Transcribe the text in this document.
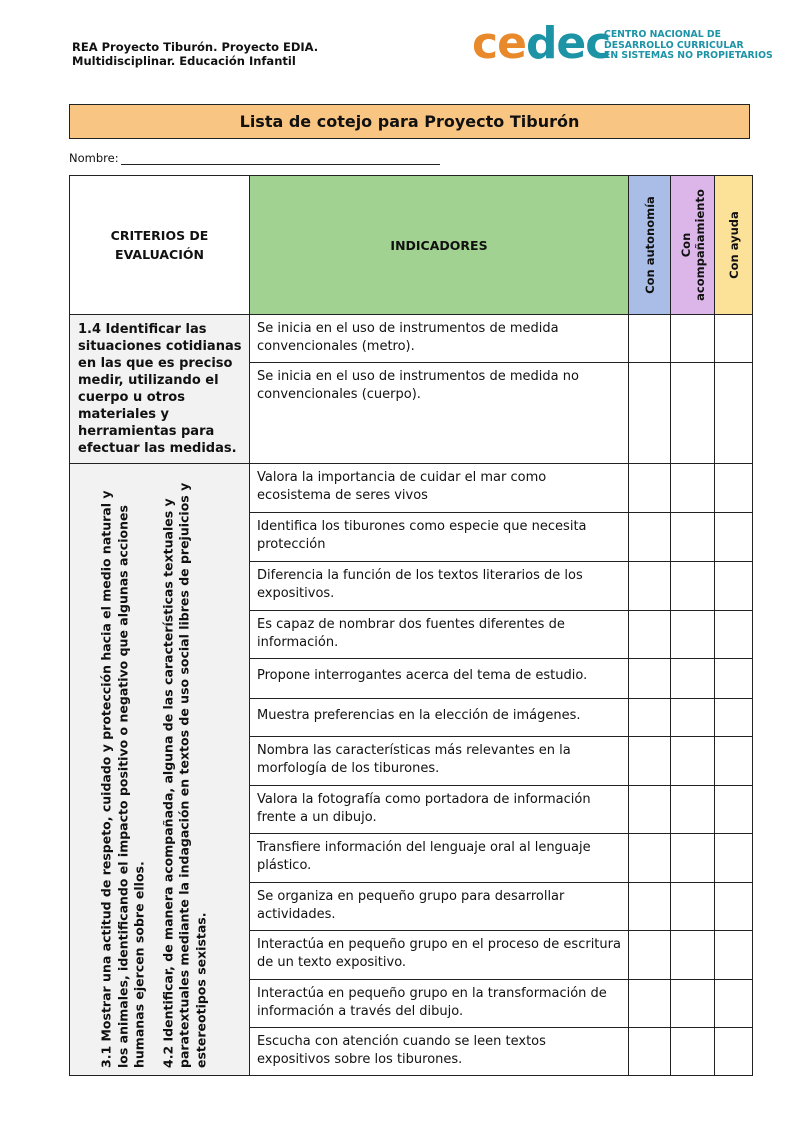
REA Proyecto Tiburón. Proyecto EDIA.
Multidisciplinar. Educación Infantil	cedec
CENTRO NACIONAL DE
DESARROLLO CURRICULAR
EN SISTEMAS NO PROPIETARIOS
Lista de cotejo para Proyecto Tiburón
Nombre:
CRITERIOS DE EVALUACIÓN	INDICADORES	Con autonomía	Con acompañamiento	Con ayuda

1.4 Identificar las situaciones cotidianas en las que es preciso medir, utilizando el cuerpo u otros materiales y herramientas para efectuar las medidas.	Se inicia en el uso de instrumentos de medida convencionales (metro).			
	Se inicia en el uso de instrumentos de medida no convencionales (cuerpo).			

3.1 Mostrar una actitud de respeto, cuidado y protección hacia el medio natural y los animales, identificando el impacto positivo o negativo que algunas acciones humanas ejercen sobre ellos. 4.2 Identificar, de manera acompañada, alguna de las características textuales y paratextuales mediante la indagación en textos de uso social libres de prejuicios y estereotipos sexistas.	Valora la importancia de cuidar el mar como ecosistema de seres vivos			
	Identifica los tiburones como especie que necesita protección			
	Diferencia la función de los textos literarios de los expositivos.			
	Es capaz de nombrar dos fuentes diferentes de información.			
	Propone interrogantes acerca del tema de estudio.			
	Muestra preferencias en la elección de imágenes.			
	Nombra las características más relevantes en la morfología de los tiburones.			
	Valora la fotografía como portadora de información frente a un dibujo.			
	Transfiere información del lenguaje oral al lenguaje plástico.			
	Se organiza en pequeño grupo para desarrollar actividades.			
	Interactúa en pequeño grupo en el proceso de escritura de un texto expositivo.			
	Interactúa en pequeño grupo en la transformación de información a través del dibujo.			
	Escucha con atención cuando se leen textos expositivos sobre los tiburones.			
